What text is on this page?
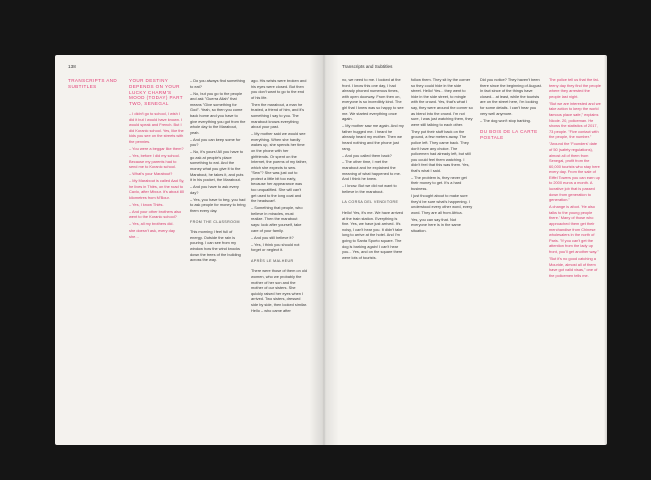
138
TRANSCRIPTS AND SUBTITLES
YOUR DESTINY DEPENDS ON YOUR LUCKY CHARM'S MOOD (TODAY) PART TWO, SENEGAL

– I didn't go to school, I wish I did it but I would have known. I would speak and French. But I did Koranic school. Yes, like the kids you see on the streets with the pennies.

– You were a beggar like them?

– Yes, before I did my school. Because my parents had to send me to Koranic school.

– What's your Marabout?

– My Marabout is called Aad Sy, he lives in Thiès, on the road to Cavlo, after Mbour. It's about 80 kilometres from M'Bour.

– Yes, I know Thiès.

– And your other brothers also went to the Koranic school?

– Yes, all my brothers did.

she doesn't ask, every day she…

– Do you always find something to eat?

– No, but you go to the people and ask "Guerra Allah" that means "Give something for God". Yeah, so then you come back home and you have to give everything you got from the whole day to the Marabout, yeah.

– And you can keep some for you?

– No, it's yours! All you have to go ask at people's place something to eat. And the money what you give it to the Marabout, he takes it, and puts it in his pocket, the Marabout.

– And you have to ask every day?

– Yes, you have to beg, you had to ask people for money to bring them every day.

FROM THE CLASSROOM

This morning I feel full of energy. Outside the rain is pouring. I can see from my window how the wind knocks down the trees of the building across the way.

ago. His wrists were broken and his eyes were closed. But then you don't want to go to the end of his life.

Then the marabout, a man he trusted, a friend of him, and it's something I say to you. The marabout knows everything about your past.

– My mother said we would see everything. When she hardly wakes up, she spends her time on the phone with her girlfriends. Or spent on the Internet, the poems of my father, which she expects to sew. "Sew"? She was just out to protect a little bit too early, because her appearance was too unqualified. She will can't get used to the long coat and the headscarf.

– Something that people, who believe in miracles, must realize. Then the marabout says: look after yourself, take care of your family.

– And you still believe it?

– Yes, I think you should not forget or neglect it.

APRÈS LE MALHEUR

There were those of them on old women, who we probably the mother of her son and the mother of our sisters. She quickly raised her eyes when I arrived. Two sisters, dressed side by side, then looked similar. Hello – who came after

Transcripts and Subtitles

no, we need to me. I looked at the front. I know this one day, I had already phoned numerous times, with open doorway. From then on, everyone is so incredibly kind. The girl that I knew was so happy to see me. We started everything once again.

– My mother saw me again. And my father hugged me. I heard he already heard my mother. Then we heard nothing and the phone just rang.

– And you called them back?

– The other time, I met the marabout and he explained the meaning of what happened to me. And I think he knew.

– I know. But we did not want to believe in the marabout.

LA CORSA DEL VENDITORE

Hello! Yes, it's me. We have arrived at the train station. Everything is fine. Yes, we have just arrived. It's noisy, I can't hear you. It didn't take long to arrive at the hotel. And I'm going to Santa Sporto square. The dog is barking again! I can't hear you... Yes, and on the square there were lots of tourists.

follow them. They sit by the corner so they could hide in the side street. Hello! Yes... they went to hide in the side street, to mingle with the crowd. Yes, that's what I say, they were around the corner so as blend into the crowd. I'm not sure, I was just watching them, they were still talking to each other.

They put their stuff back on the ground, a few meters away. The police left. They came back. They don't have any choice. The policemen had already left, but still you could feel them watching. I didn't feel that this was them. Yes, that's what I said.

– The problem is, they never get their money to get. It's a hard business.

I just thought about to make sure they'd be sure what's happening. I understood every other word, every word. They are all from Africa.

Yes, you can say that. Not everyone here is in the same situation.

Did you notice? They haven't been there since the beginning of August. In fact since of the things have closed... at least, while the tourists are on the street here, I'm looking for some details. I can't hear you very well anymore.

– The dog won't stop barking.

DU BOIS DE LA CARTE POSTALE

The police tell us that the fat-teeny day they find the people where they arrested the people last night.

"But we are interested and we take action to keep the world famous place safe," explains Nicole. 20, policeman. He shows the statistics of 2017, 73 people. "Five contact with the people, the number."

"Around the 'Founders' date of 50 (safety regulations), almost all of them from Senegal, profit from the 60,000 tourists who stay here every day. From the sale of Eiffel Towers you can earn up to 2000 euros a month. A lucrative job that is passed down from generation to generation."

A change is afoot. 'He also talks to the young people there.' Many of those who approached them get their merchandise from Chinese wholesalers in the north of Paris. "If you can't get the attention from the lady up front, you'll get another way."

"But it's no good catching a Mouride, almost all of them have got valid visas," one of the policemen tells me.
